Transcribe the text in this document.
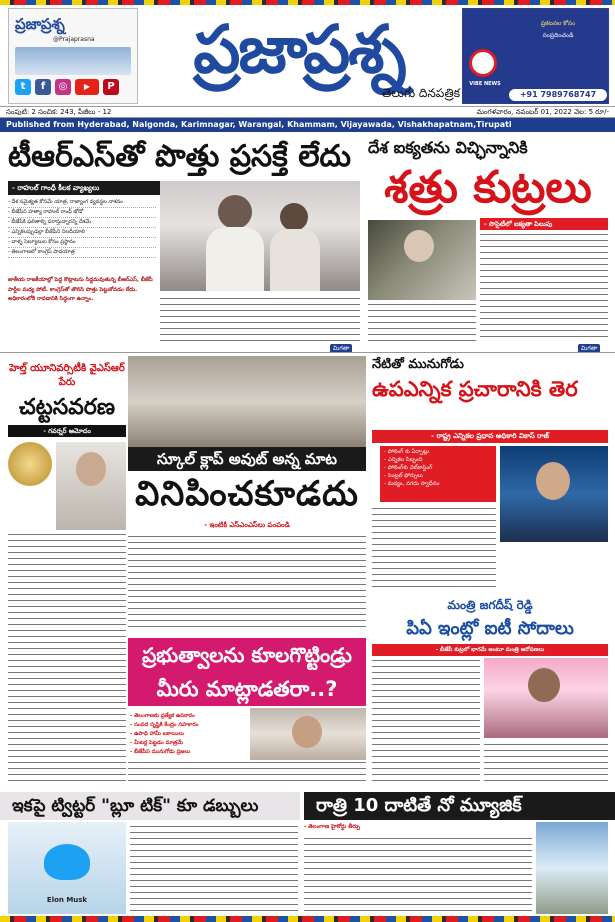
ప్రజాప్రశ్న
@Prajaprasna
t	f	◎	▶	P	ప్రజాప్రశ్న
తెలుగు దినపత్రిక
VIBE NEWS
ప్రకటనల కోసం
సంప్రదించండి
+91 7989768747
సంపుటి: 2 సంచిక: 243, పేజీలు - 12	మంగళవారం, నవంబర్ 01, 2022 వెల: 5 రూ/-
Published from Hyderabad, Nalgonda, Karimnagar, Warangal, Khammam, Vijayawada, Vishakhapatnam,Tirupati
టీఆర్ఎస్‌తో పొత్తు ప్రసక్తే లేదు
- రాహుల్ గాంధీ కీలక వ్యాఖ్యలు
- దేశ సమైక్యత కోసమే యాత్ర, రాజ్యాంగ వ్యవస్థల నాశనం
- బీజేపీని హత్యా రాహుల్ రాంధ్ జోడో
- బీజేపీకి ఫలితాల్ని పరాస్తున్నారన్ని దేశమే
- ఎన్నికలప్పుడల్లా బీజేపీని నిలదీయాలి
- వాళ్ళ సెల్యూటుల కోసం ప్రస్థానం
- తెలంగాణలో కాంగ్రెస్ పాదయాత్ర
జాతీయ రాజకీయాల్లో పెద్ద కొట్లాటను సిద్ధమవుతున్న బీఆర్ఎస్, బీజేపీ పార్టీల మధ్య పోటీ. కాంగ్రెస్‌తో తొలిసి పొత్తు పెట్టుకోవడం లేదు. అధికారంలోకి రావడానికి సిద్ధంగా ఉన్నాం.
మిగతా
దేశ ఐక్యతను విచ్ఛిన్నానికి
శత్రు కుట్రలు
- సొసైటీలో ఐక్యతా పిలుపు
మిగతా
హెల్త్ యూనివర్సిటీకి వైఎస్ఆర్ పేరు
చట్టసవరణ
- గవర్నర్ ఆమోదం
స్కూల్ క్లాప్ అవుట్ అన్న మాట
వినిపించకూడదు
- ఇంటికి ఎస్ఎంఎస్‌లు పంపండి
నేటితో మునుగోడు
ఉపఎన్నిక ప్రచారానికి తెర
- రాష్ట్ర ఎన్నికల ప్రధాన అధికారి వికాస్ రాజ్
- పోలింగ్ కు ఏర్పాట్లు
- ఎన్నికల సిబ్బంది
- పోలింగ్‌కు వెబ్‌కాస్టింగ్
- సెంట్రల్ ఫోర్సులు
- మద్యం, నగదు స్వాధీనం
ప్రభుత్వాలను కూలగొట్టిండ్రు
మీరు మాట్లాడతరా..?
- తెలంగాణకు ప్రత్యేక ఉపకారం
- సంపద సృష్టికి కేంద్రం సహకారం
- ఉపాధి హామీ బకాయిలు
- మీటర్ల పెట్టడం మాత్రమే
- బీజేపీని మునుగోడు ప్రజలు
మంత్రి జగదీష్ రెడ్డి
పిఏ ఇంట్లో ఐటీ సోదాలు
- బీజేపీ కుట్రలో భాగమే అంటూ మంత్రి ఆరోపణలు
ఇకపై ట్విట్టర్ "బ్లూ టిక్" కూ డబ్బులు	రాత్రి 10 దాటితే నో మ్యూజిక్
Elon Musk
- తెలంగాణ హైకోర్టు తీర్పు
